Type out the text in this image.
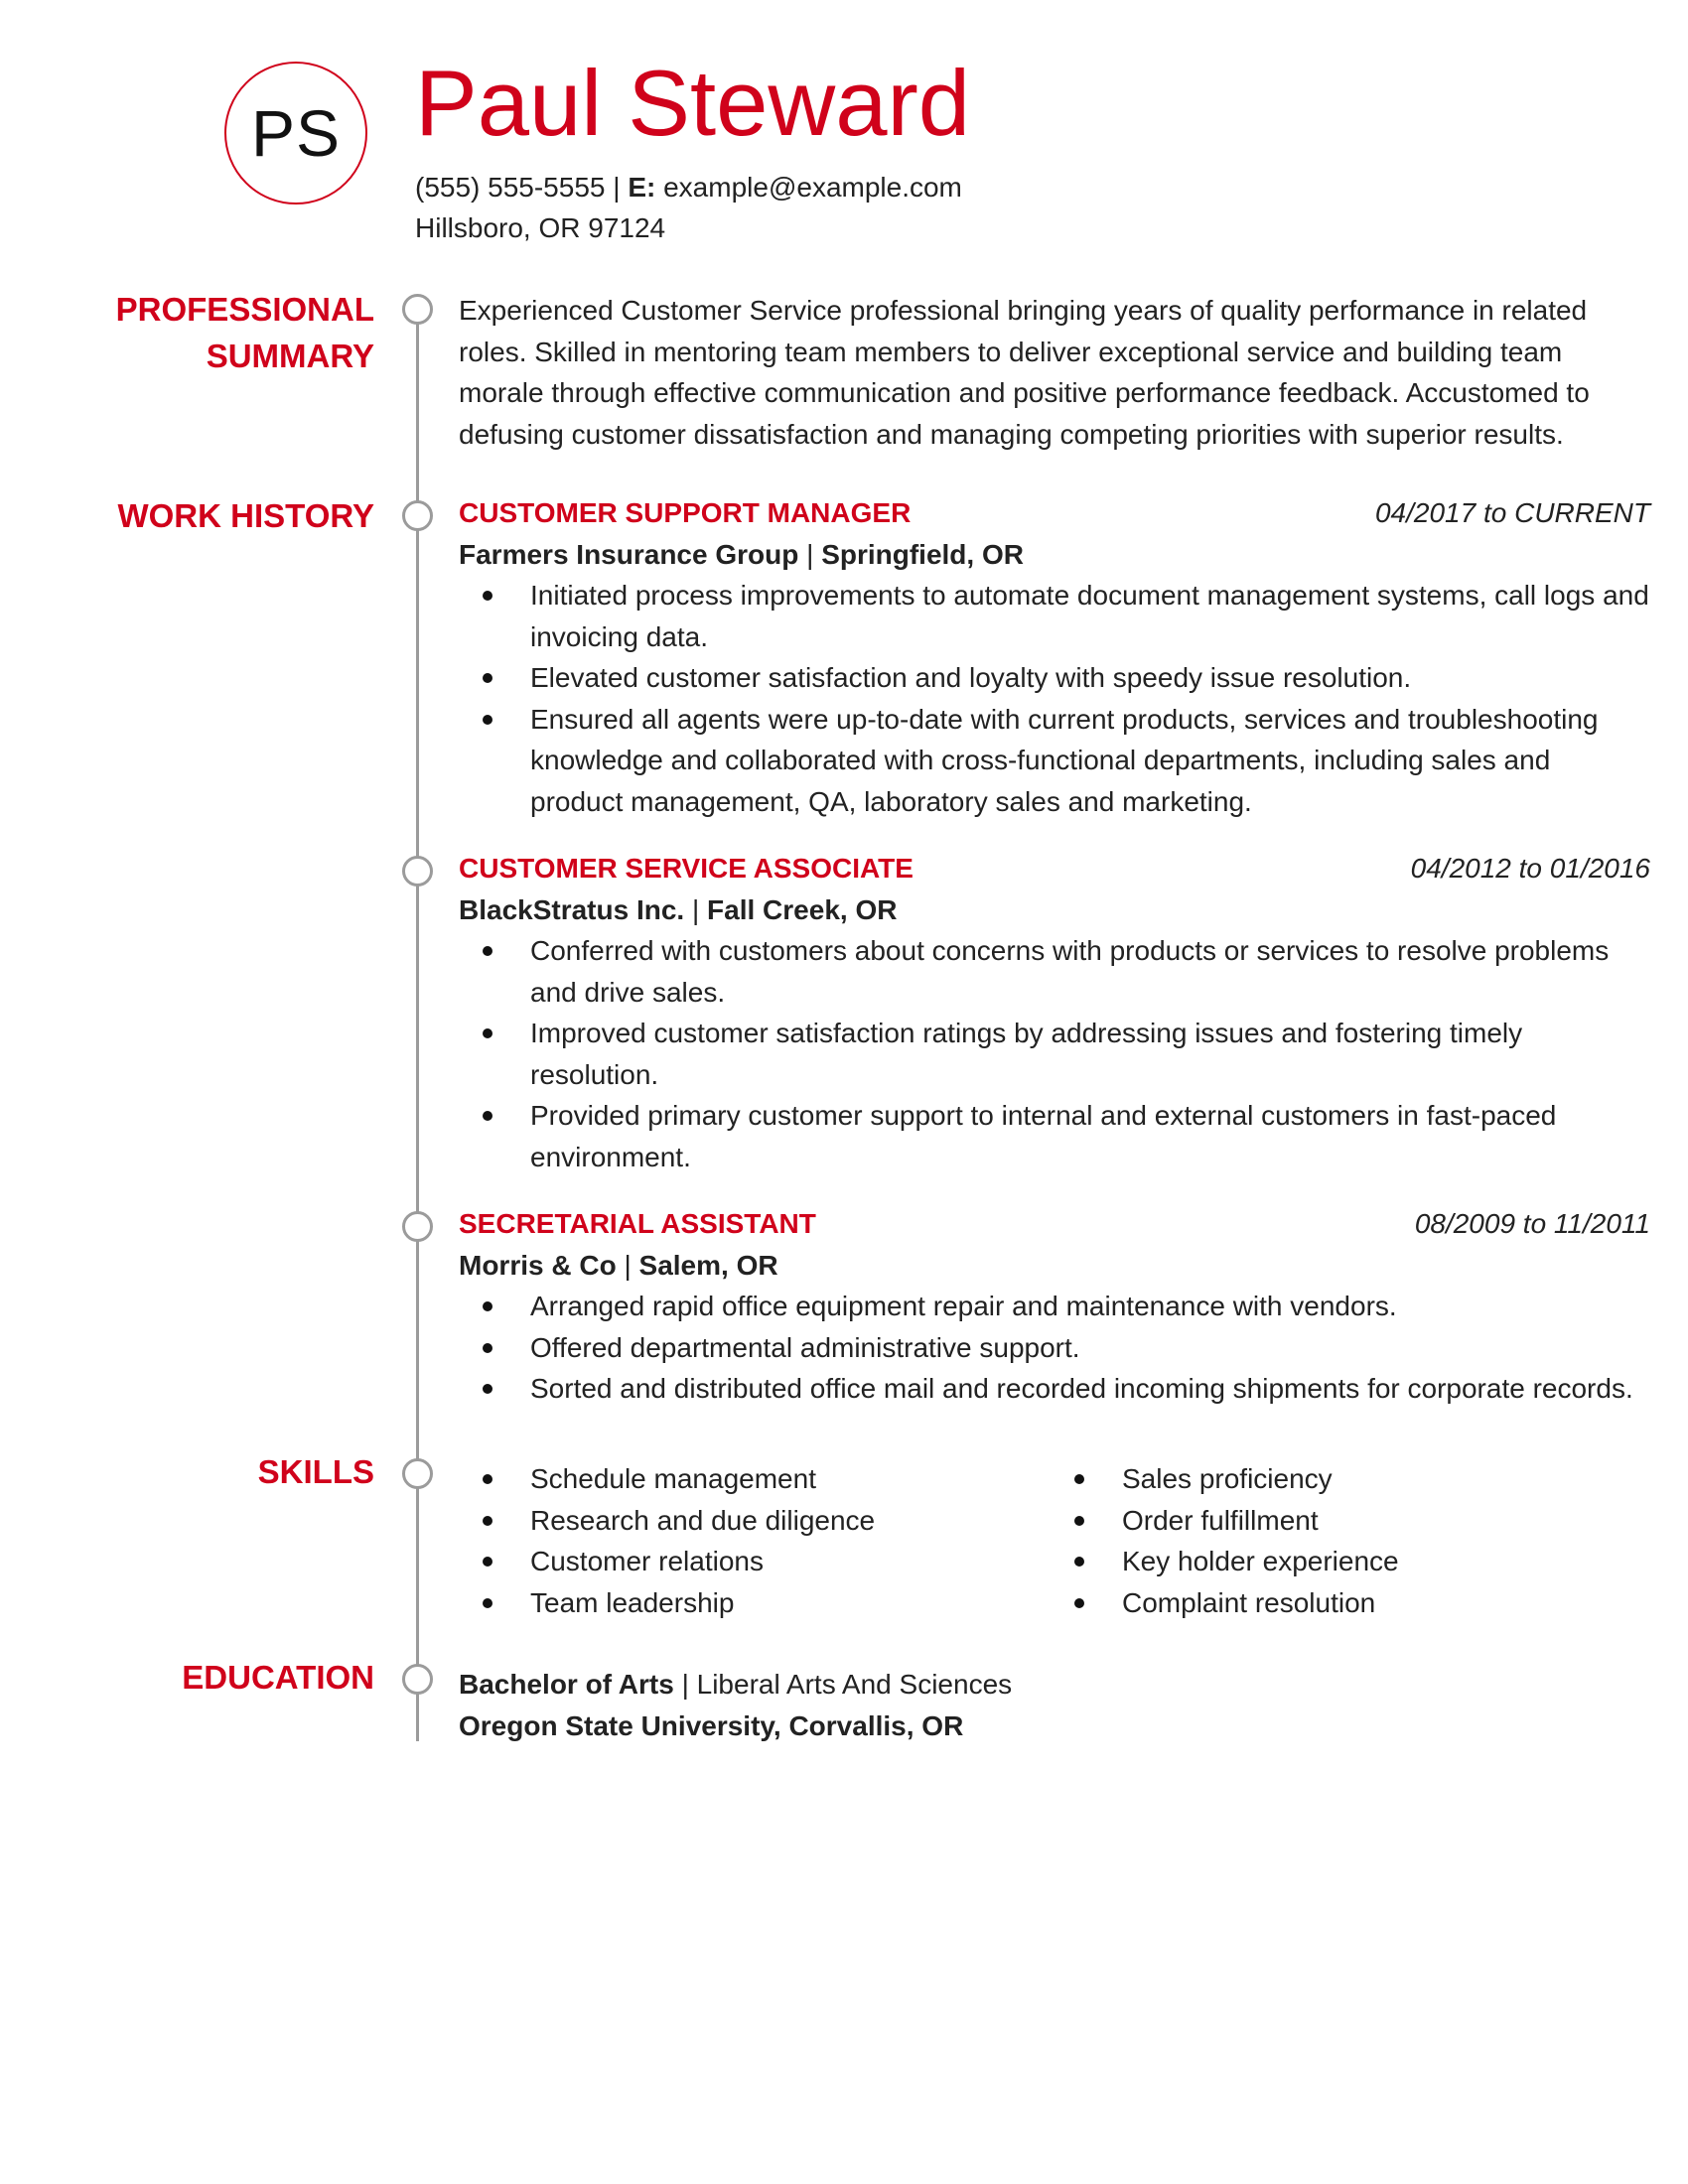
PS Paul Steward
(555) 555-5555 | E: example@example.com
Hillsboro, OR 97124
PROFESSIONAL
SUMMARY

Experienced Customer Service professional bringing years of quality performance in related roles. Skilled in mentoring team members to deliver exceptional service and building team morale through effective communication and positive performance feedback. Accustomed to defusing customer dissatisfaction and managing competing priorities with superior results.

WORK HISTORY	CUSTOMER SUPPORT MANAGER	04/2017 to CURRENT
Farmers Insurance Group | Springfield, OR
Initiated process improvements to automate document management systems, call logs and invoicing data.
Elevated customer satisfaction and loyalty with speedy issue resolution.
Ensured all agents were up-to-date with current products, services and troubleshooting knowledge and collaborated with cross-functional departments, including sales and product management, QA, laboratory sales and marketing.
CUSTOMER SERVICE ASSOCIATE	04/2012 to 01/2016
BlackStratus Inc. | Fall Creek, OR
Conferred with customers about concerns with products or services to resolve problems and drive sales.
Improved customer satisfaction ratings by addressing issues and fostering timely resolution.
Provided primary customer support to internal and external customers in fast-paced environment.
SECRETARIAL ASSISTANT	08/2009 to 11/2011
Morris & Co | Salem, OR
Arranged rapid office equipment repair and maintenance with vendors.
Offered departmental administrative support.
Sorted and distributed office mail and recorded incoming shipments for corporate records.
SKILLS	Schedule management
Research and due diligence
Customer relations
Team leadership
Sales proficiency
Order fulfillment
Key holder experience
Complaint resolution
EDUCATION	Bachelor of Arts | Liberal Arts And Sciences
Oregon State University, Corvallis, OR
